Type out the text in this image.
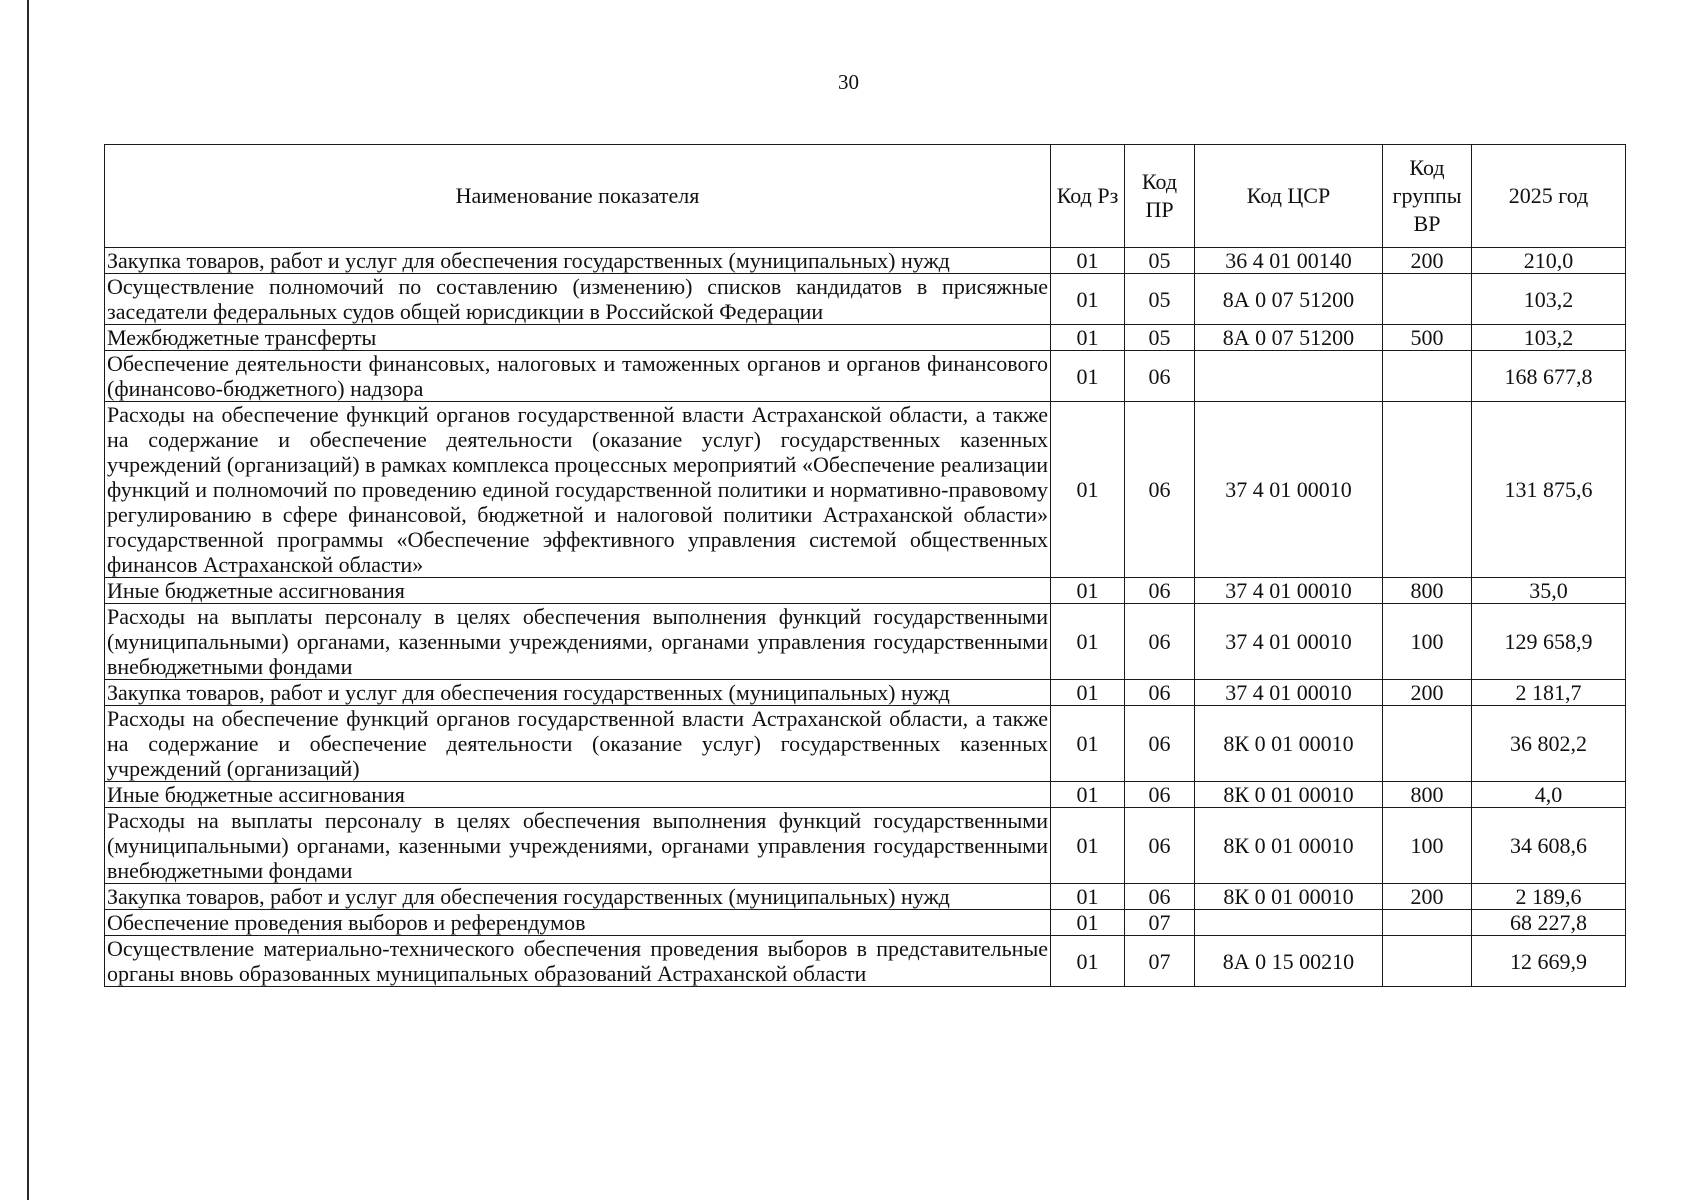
30
Наименование показателя	Код Рз	Код ПР	Код ЦСР	Код группы ВР	2025 год
Закупка товаров, работ и услуг для обеспечения государственных (муниципальных) нужд	01	05	36 4 01 00140	200	210,0
Осуществление полномочий по составлению (изменению) списков кандидатов в присяжные заседатели федеральных судов общей юрисдикции в Российской Федерации	01	05	8А 0 07 51200		103,2
Межбюджетные трансферты	01	05	8А 0 07 51200	500	103,2
Обеспечение деятельности финансовых, налоговых и таможенных органов и органов финансового (финансово-бюджетного) надзора	01	06			168 677,8
Расходы на обеспечение функций органов государственной власти Астраханской области, а также на содержание и обеспечение деятельности (оказание услуг) государственных казенных учреждений (организаций) в рамках комплекса процессных мероприятий «Обеспечение реализации функций и полномочий по проведению единой государственной политики и нормативно-правовому регулированию в сфере финансовой, бюджетной и налоговой политики Астраханской области» государственной программы «Обеспечение эффективного управления системой общественных финансов Астраханской области»	01	06	37 4 01 00010		131 875,6
Иные бюджетные ассигнования	01	06	37 4 01 00010	800	35,0
Расходы на выплаты персоналу в целях обеспечения выполнения функций государственными (муниципальными) органами, казенными учреждениями, органами управления государственными внебюджетными фондами	01	06	37 4 01 00010	100	129 658,9
Закупка товаров, работ и услуг для обеспечения государственных (муниципальных) нужд	01	06	37 4 01 00010	200	2 181,7
Расходы на обеспечение функций органов государственной власти Астраханской области, а также на содержание и обеспечение деятельности (оказание услуг) государственных казенных учреждений (организаций)	01	06	8К 0 01 00010		36 802,2
Иные бюджетные ассигнования	01	06	8К 0 01 00010	800	4,0
Расходы на выплаты персоналу в целях обеспечения выполнения функций государственными (муниципальными) органами, казенными учреждениями, органами управления государственными внебюджетными фондами	01	06	8К 0 01 00010	100	34 608,6
Закупка товаров, работ и услуг для обеспечения государственных (муниципальных) нужд	01	06	8К 0 01 00010	200	2 189,6
Обеспечение проведения выборов и референдумов	01	07			68 227,8
Осуществление материально-технического обеспечения проведения выборов в представительные органы вновь образованных муниципальных образований Астраханской области	01	07	8А 0 15 00210		12 669,9
